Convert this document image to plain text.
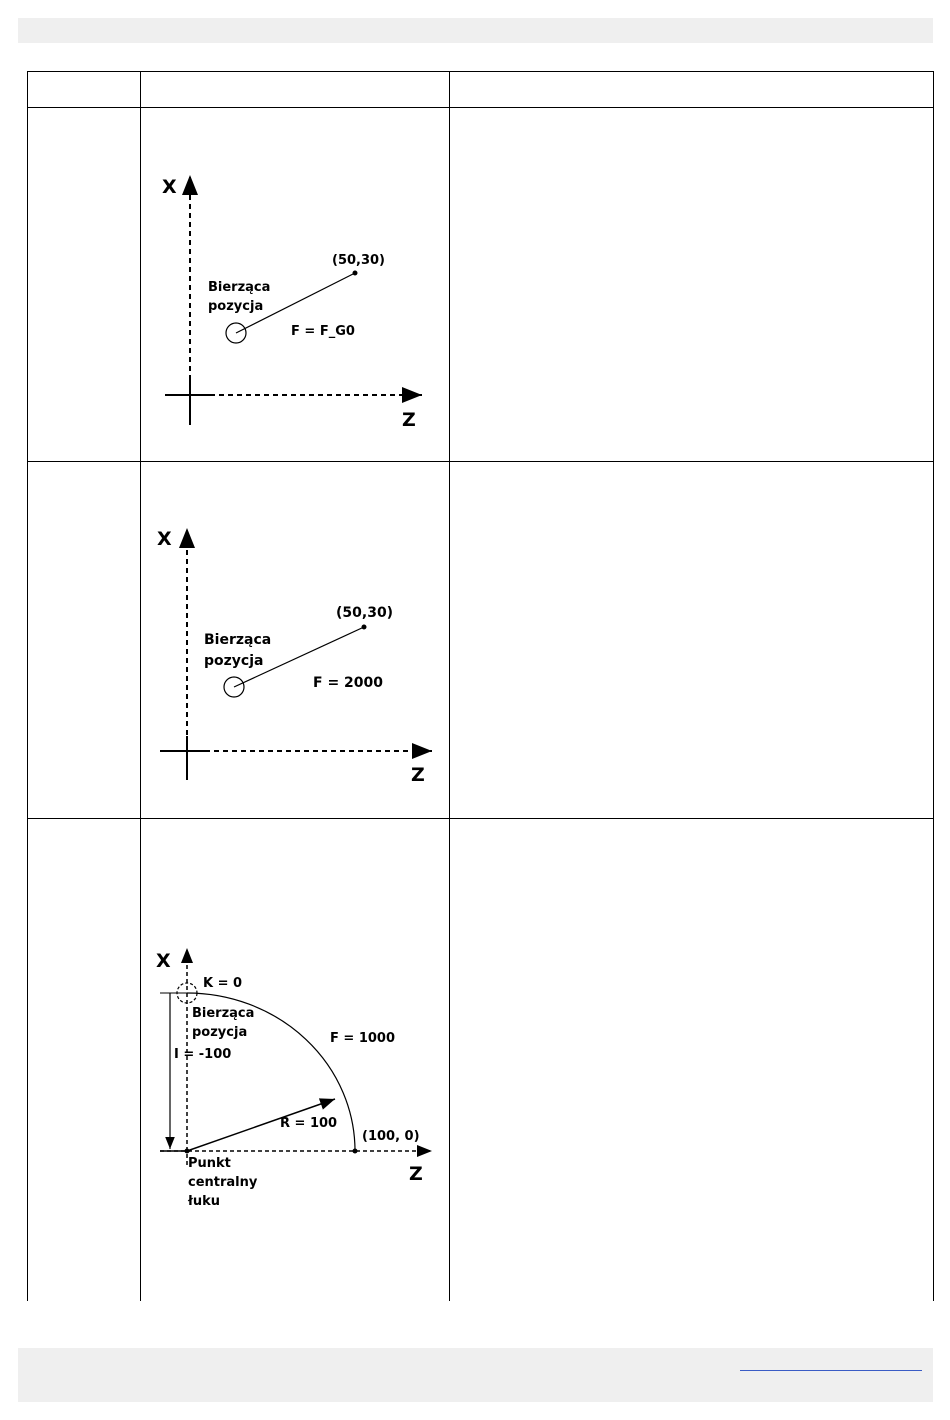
X
Z
(50,30)
Bierząca
pozycja
F = F_G0
X
Z
(50,30)
Bierząca
pozycja
F = 2000
X
Z
K = 0
Bierząca
pozycja
I = -100
F = 1000
R = 100
(100, 0)
Punkt
centralny
łuku
